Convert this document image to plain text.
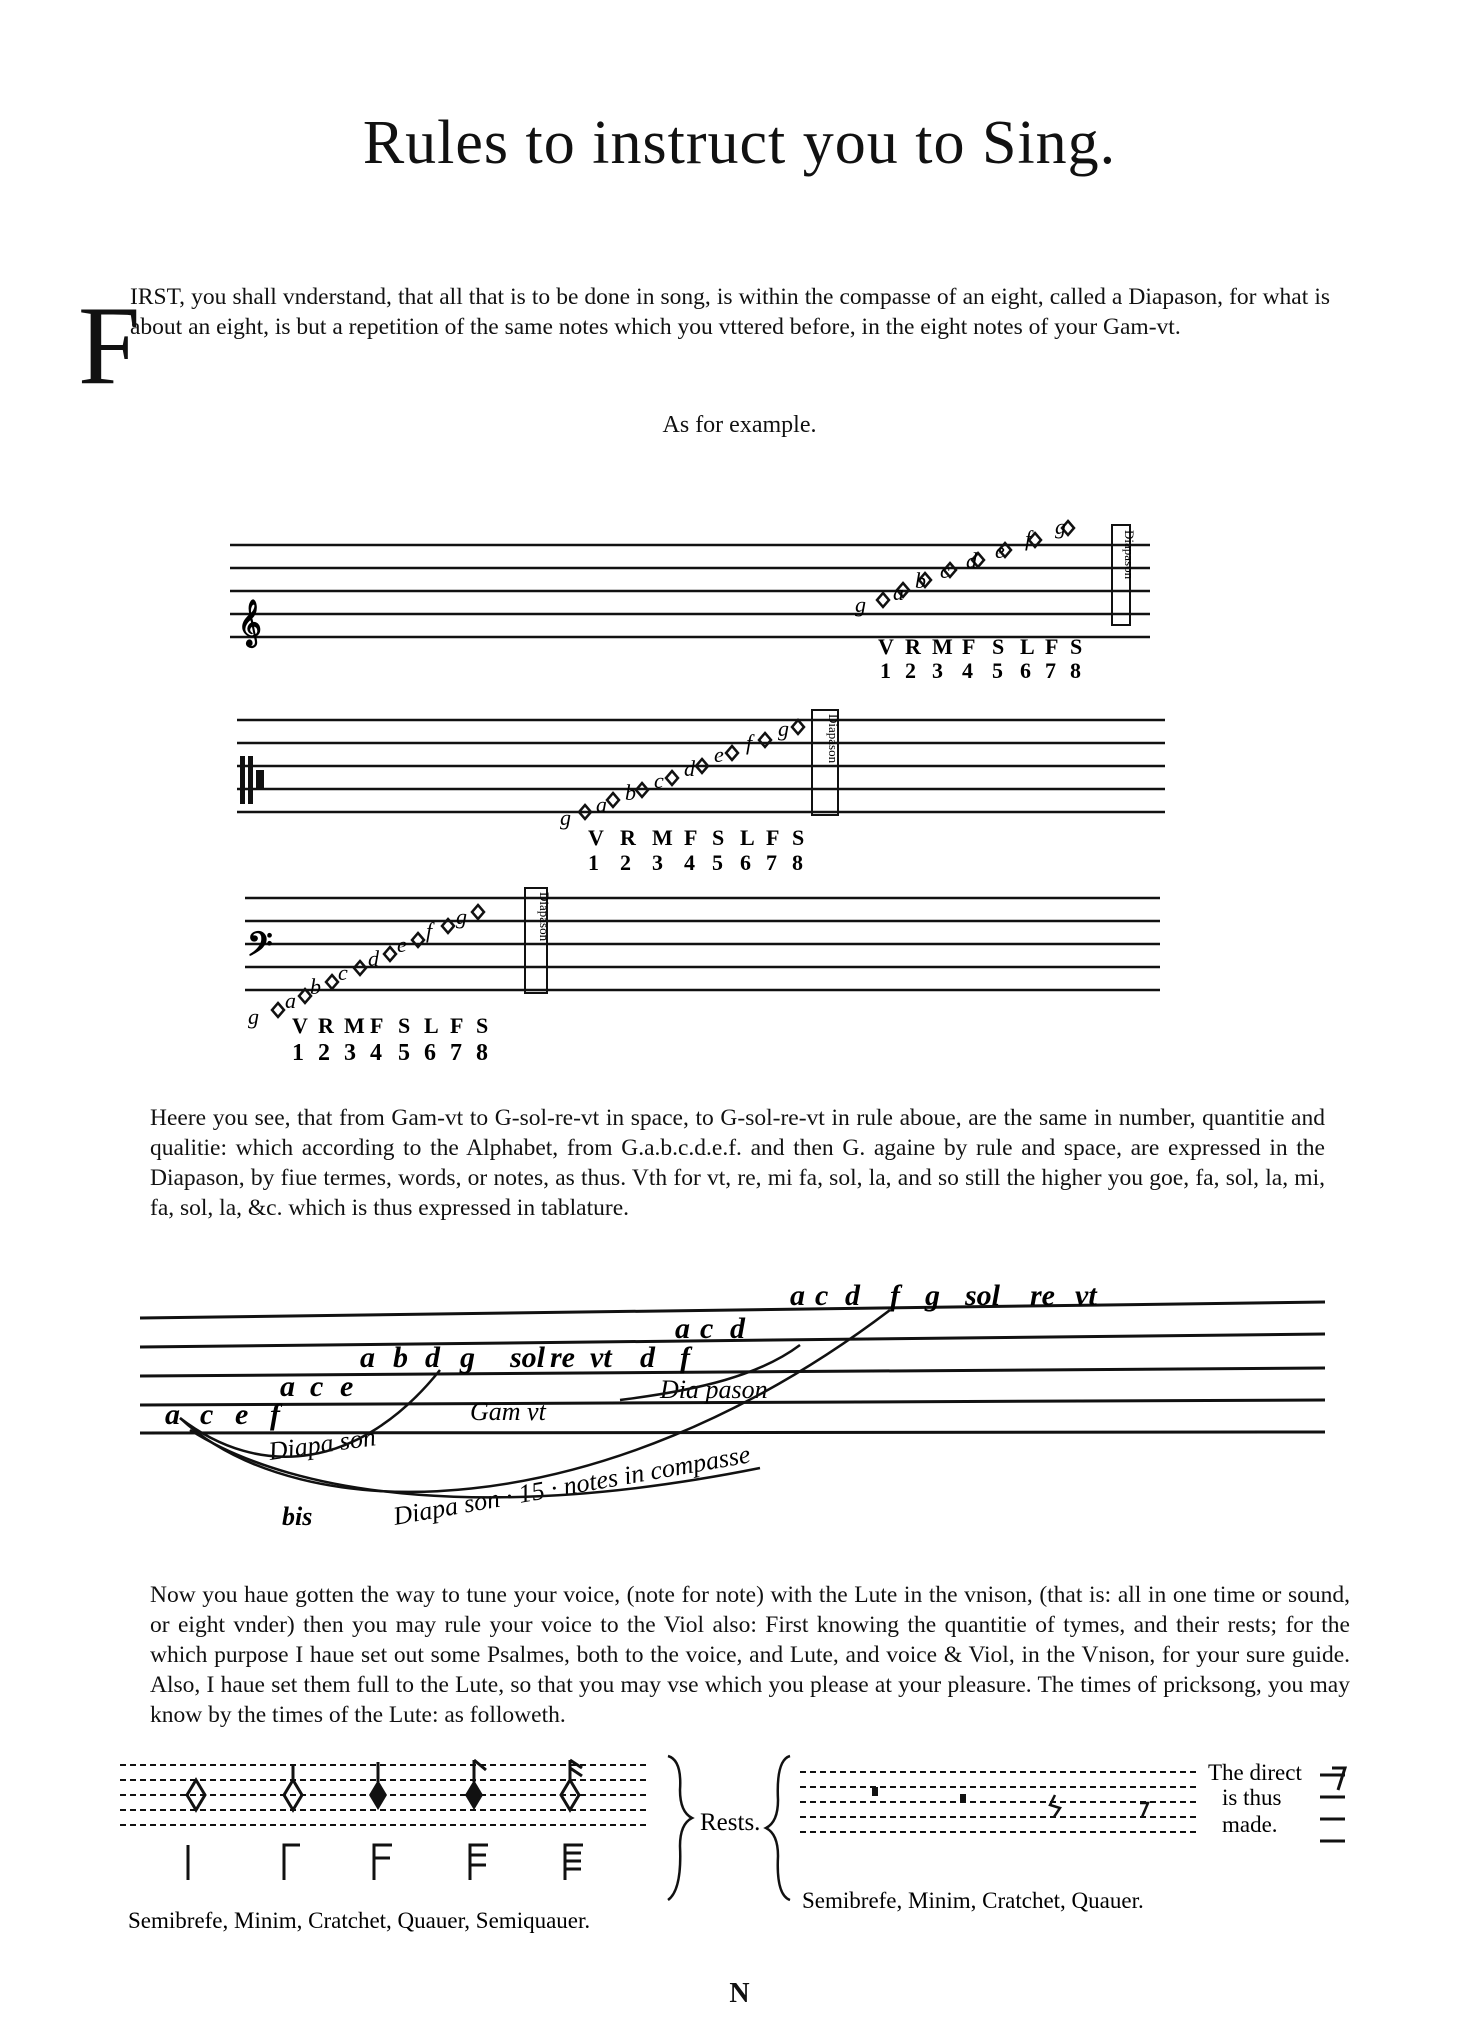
Rules to instruct you to Sing.
F

IRST, you shall vnderstand, that all that is to be done in song, is within the compasse of an eight, called a Diapason, for what is about an eight, is but a repetition of the same notes which you vttered before, in the eight notes of your Gam-vt.

As for example.
𝄞	g a b c d e f g
Diapason
V R M F S L F S
1 2 3 4 5 6 7 8
g
a b c d
e f
g	Diapason
V R M F S L F S
1 2 3 4 5 6 7 8
𝄢
g
a
b
c
d
e
f
g	Diapason
V R M F S L F S
1 2 3 4 5 6 7 8

Heere you see, that from Gam-vt to G-sol-re-vt in space, to G-sol-re-vt in rule aboue, are the same in number, quantitie and qualitie: which according to the Alphabet, from G.a.b.c.d.e.f. and then G. againe by rule and space, are expressed in the Diapason, by fiue termes, words, or notes, as thus. Vth for vt, re, mi fa, sol, la, and so still the higher you goe, fa, sol, la, mi, fa, sol, la, &c. which is thus expressed in tablature.

a c d f g sol re vt
a c d
a b d g sol re vt d f
a c e
a c e f	Gam vt
Dia pason
Diapa son
bis	Diapa son · 15 · notes in compasse

Now you haue gotten the way to tune your voice, (note for note) with the Lute in the vnison, (that is: all in one time or sound, or eight vnder) then you may rule your voice to the Viol also: First knowing the quantitie of tymes, and their rests; for the which purpose I haue set out some Psalmes, both to the voice, and Lute, and voice & Viol, in the Vnison, for your sure guide. Also, I haue set them full to the Lute, so that you may vse which you please at your pleasure. The times of pricksong, you may know by the times of the Lute: as followeth.

Semibrefe, Minim, Cratchet, Quauer, Semiquauer.
Rests.
Semibrefe, Minim, Cratchet, Quauer.
The direct
is thus
made.
N
